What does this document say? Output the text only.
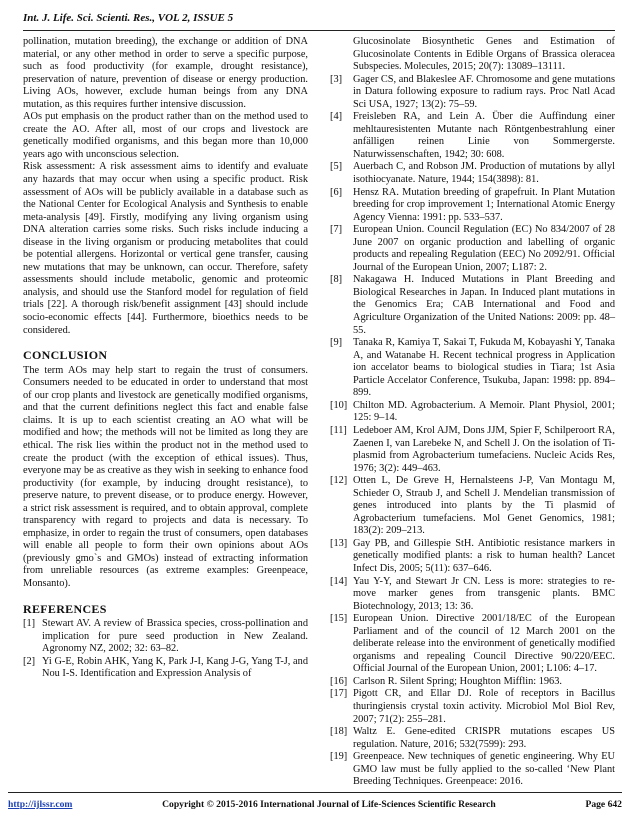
Int. J. Life. Sci. Scienti. Res., VOL 2, ISSUE 5

pollination, mutation breeding), the exchange or addition of DNA material, or any other method in order to serve a specific purpose, such as food productivity (for example, drought resistance), preservation of nature, prevention of disease or energy production. Living AOs, however, exclude human beings from any DNA mutation, as this requires further intensive discussion.

AOs put emphasis on the product rather than on the method used to create the AO. After all, most of our crops and livestock are genetically modified organisms, and this began more than 10,000 years ago with unconscious selection.

Risk assessment: A risk assessment aims to identify and evaluate any hazards that may occur when using a specific product. Risk assessment of AOs will be publicly available in a database such as the National Center for Ecological Analysis and Synthesis to enable meta-analysis [49]. Firstly, modifying any living organism using DNA alteration carries some risks. Such risks include inducing a disease in the living organism or producing metabolites that could be potential allergens. Horizontal or vertical gene transfer, causing new mutations that may be unknown, can occur. Therefore, safety assessments should include metabolic, genomic and proteomic analysis, and should use the Stanford model for regulation of field trials [22]. A thorough risk/benefit assignment [43] should include socio-economic effects [44]. Furthermore, bioethics needs to be considered.

CONCLUSION

The term AOs may help start to regain the trust of consumers. Consumers needed to be educated in order to understand that most of our crop plants and livestock are genetically modified organisms, and that the current definitions neglect this fact and enable false claims. It is up to each scientist creating an AO what will be modified and how; the methods will not be limited as long they are ethical. The risk lies within the product not in the method used to create the product (with the exception of ethical issues). Thus, everyone may be as creative as they wish in seeking to enhance food productivity (for example, by inducing drought resistance), to preserve nature, to prevent disease, or to produce energy. However, a strict risk assessment is required, and to obtain approval, complete transparency with regard to projects and data is necessary. To emphasize, in order to regain the trust of consumers, open databases will enable all people to form their own opinions about AOs (previously gmo`s and GMOs) instead of extracting information from unreliable resources (as extreme examples: Greenpeace, Monsanto).

REFERENCES
[1] Stewart AV. A review of Brassica species, cross-pollination and implication for pure seed production in New Zealand. Agronomy NZ, 2002; 32: 63–82.
[2] Yi G-E, Robin AHK, Yang K, Park J-I, Kang J-G, Yang T-J, and Nou I-S. Identification and Expression Analysis of
Glucosinolate Biosynthetic Genes and Estimation of Glucosinolate Contents in Edible Organs of Brassica oleracea Subspecies. Molecules, 2015; 20(7): 13089–13111.
[3]	Gager CS, and Blakeslee AF. Chromosome and gene mutations in Datura following exposure to radium rays. Proc Natl Acad Sci USA, 1927; 13(2): 75–59.
[4]	Freisleben RA, and Lein A. Über die Auffindung einer mehltauresistenten Mutante nach Röntgenbestrahlung einer anfälligen reinen Linie von Sommergerste. Naturwissenschaften, 1942; 30: 608.
[5]	Auerbach C, and Robson JM. Production of mutations by allyl isothiocyanate. Nature, 1944; 154(3898): 81.
[6]	Hensz RA. Mutation breeding of grapefruit. In Plant Mutation breeding for crop improvement 1; International Atomic Energy Agency Vienna: 1991: pp. 533–537.
[7]	European Union. Council Regulation (EC) No 834/2007 of 28 June 2007 on organic production and labelling of organic products and repealing Regulation (EEC) No 2092/91. Official Journal of the European Union, 2007; L187: 2.
[8]	Nakagawa H. Induced Mutations in Plant Breeding and Biological Researches in Japan. In Induced plant mutations in the Genomics Era; CAB International and Food and Agriculture Organization of the United Nations: 2009: pp. 48–55.
[9]	Tanaka R, Kamiya T, Sakai T, Fukuda M, Kobayashi Y, Tanaka A, and Watanabe H. Recent technical progress in Application ion accelator beams to biological studies in Tiara; 1st Asia Particle Accelator Conference, Tsukuba, Japan: 1998: pp. 894–899.
[10] Chilton MD. Agrobacterium. A Memoir. Plant Physiol, 2001; 125: 9–14.
[11] Ledeboer AM, Krol AJM, Dons JJM, Spier F, Schilperoort RA, Zaenen I, van Larebeke N, and Schell J. On the isolation of Ti-plasmid from Agrobacterium tumefaciens. Nucleic Acids Res, 1976; 3(2): 449–463.
[12] Otten L, De Greve H, Hernalsteens J-P, Van Montagu M, Schieder O, Straub J, and Schell J. Mendelian transmission of genes introduced into plants by the Ti plasmid of Agrobacterium tumefaciens. Mol Genet Genomics, 1981; 183(2): 209–213.
[13] Gay PB, and Gillespie StH. Antibiotic resistance markers in genetically modified plants: a risk to human health? Lancet Infect Dis, 2005; 5(11): 637–646.
[14] Yau Y-Y, and Stewart Jr CN. Less is more: strategies to re-move marker genes from transgenic plants. BMC Biotechnology, 2013; 13: 36.
[15] European Union. Directive 2001/18/EC of the European Parliament and of the council of 12 March 2001 on the deliberate release into the environment of genetically modified organisms and repealing Council Directive 90/220/EEC. Official Journal of the European Union, 2001; L106: 4–17.
[16] Carlson R. Silent Spring; Houghton Mifflin: 1963.
[17] Pigott CR, and Ellar DJ. Role of receptors in Bacillus thuringiensis crystal toxin activity. Microbiol Mol Biol Rev, 2007; 71(2): 255–281.
[18] Waltz E. Gene-edited CRISPR mutations escapes US regulation. Nature, 2016; 532(7599): 293.
[19] Greenpeace. New techniques of genetic engineering. Why EU GMO law must be fully applied to the so-called ‘New Plant Breeding Techniques. Greenpeace: 2016.
http://ijlssr.com	Copyright © 2015-2016 International Journal of Life-Sciences Scientific Research	Page 642
